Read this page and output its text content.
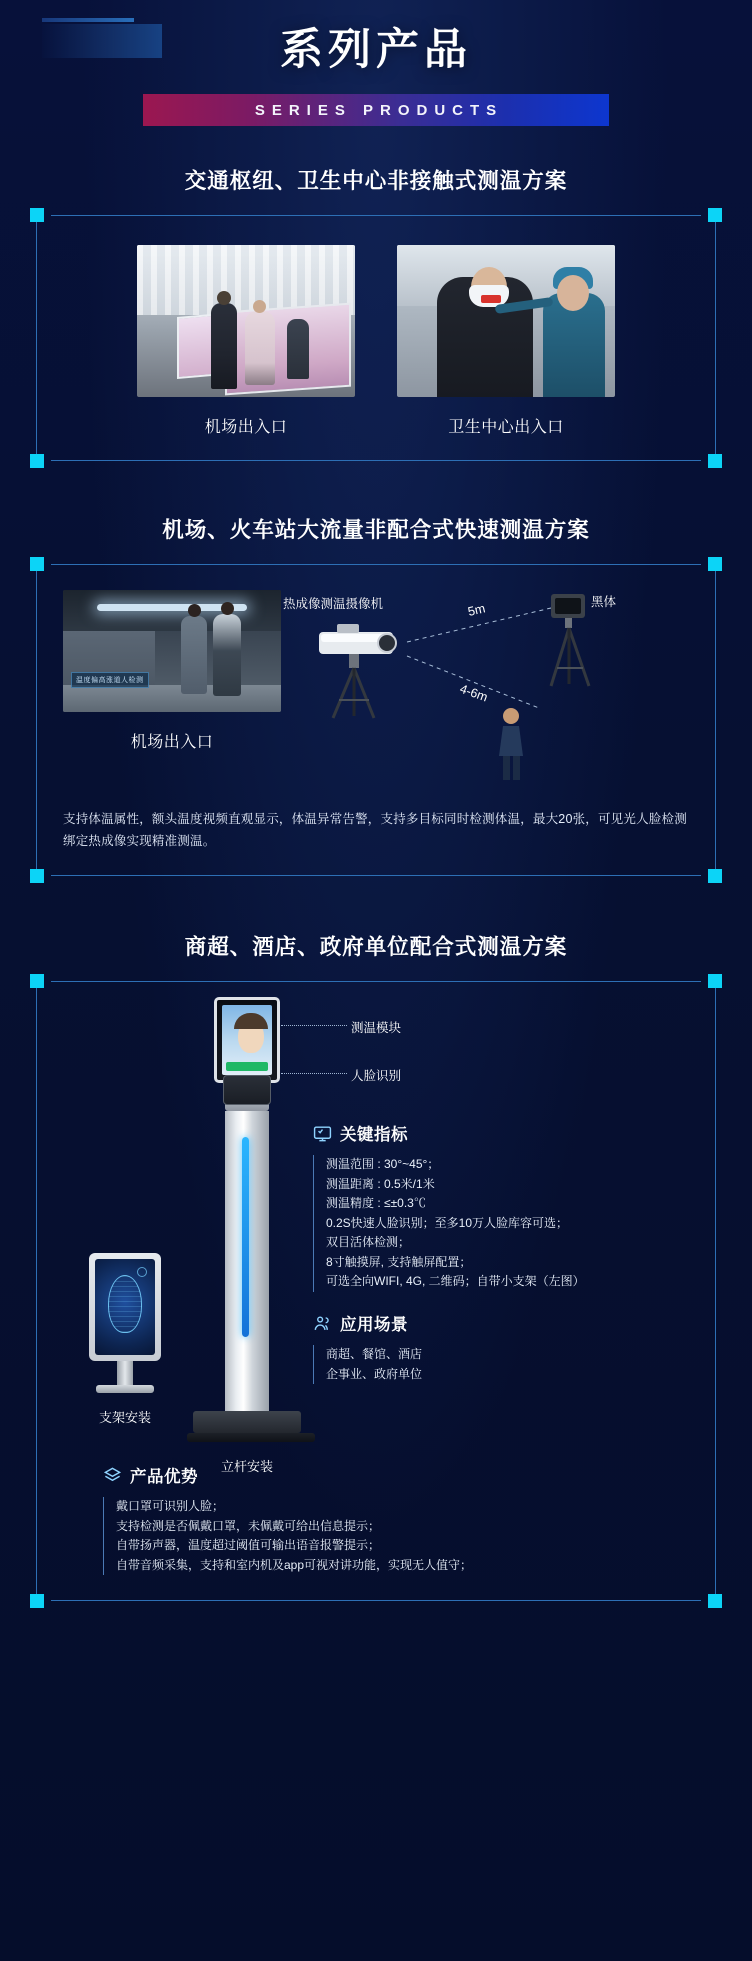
系列产品
SERIES PRODUCTS
交通枢纽、卫生中心非接触式测温方案
机场出入口	卫生中心出入口
机场、火车站大流量非配合式快速测温方案
温度偏高涨道人检测
机场出入口
热成像测温摄像机	黑体
5m
4-6m
支持体温属性，额头温度视频直观显示，体温异常告警，支持多目标同时检测体温，最大20张，可见光人脸检测绑定热成像实现精准测温。
商超、酒店、政府单位配合式测温方案
立杆安装
测温模块
人脸识别
支架安装
关键指标
测温范围 : 30°~45°；
测温距离 : 0.5米/1米
测温精度 : ≤±0.3℃
0.2S快速人脸识别；至多10万人脸库容可选；
双目活体检测；
8寸触摸屏, 支持触屏配置；
可选全向WIFI, 4G, 二维码；自带小支架（左图）
应用场景
商超、餐馆、酒店
企事业、政府单位
产品优势
戴口罩可识别人脸；
支持检测是否佩戴口罩，未佩戴可给出信息提示；
自带扬声器，温度超过阈值可输出语音报警提示；
自带音频采集，支持和室内机及app可视对讲功能，实现无人值守；
